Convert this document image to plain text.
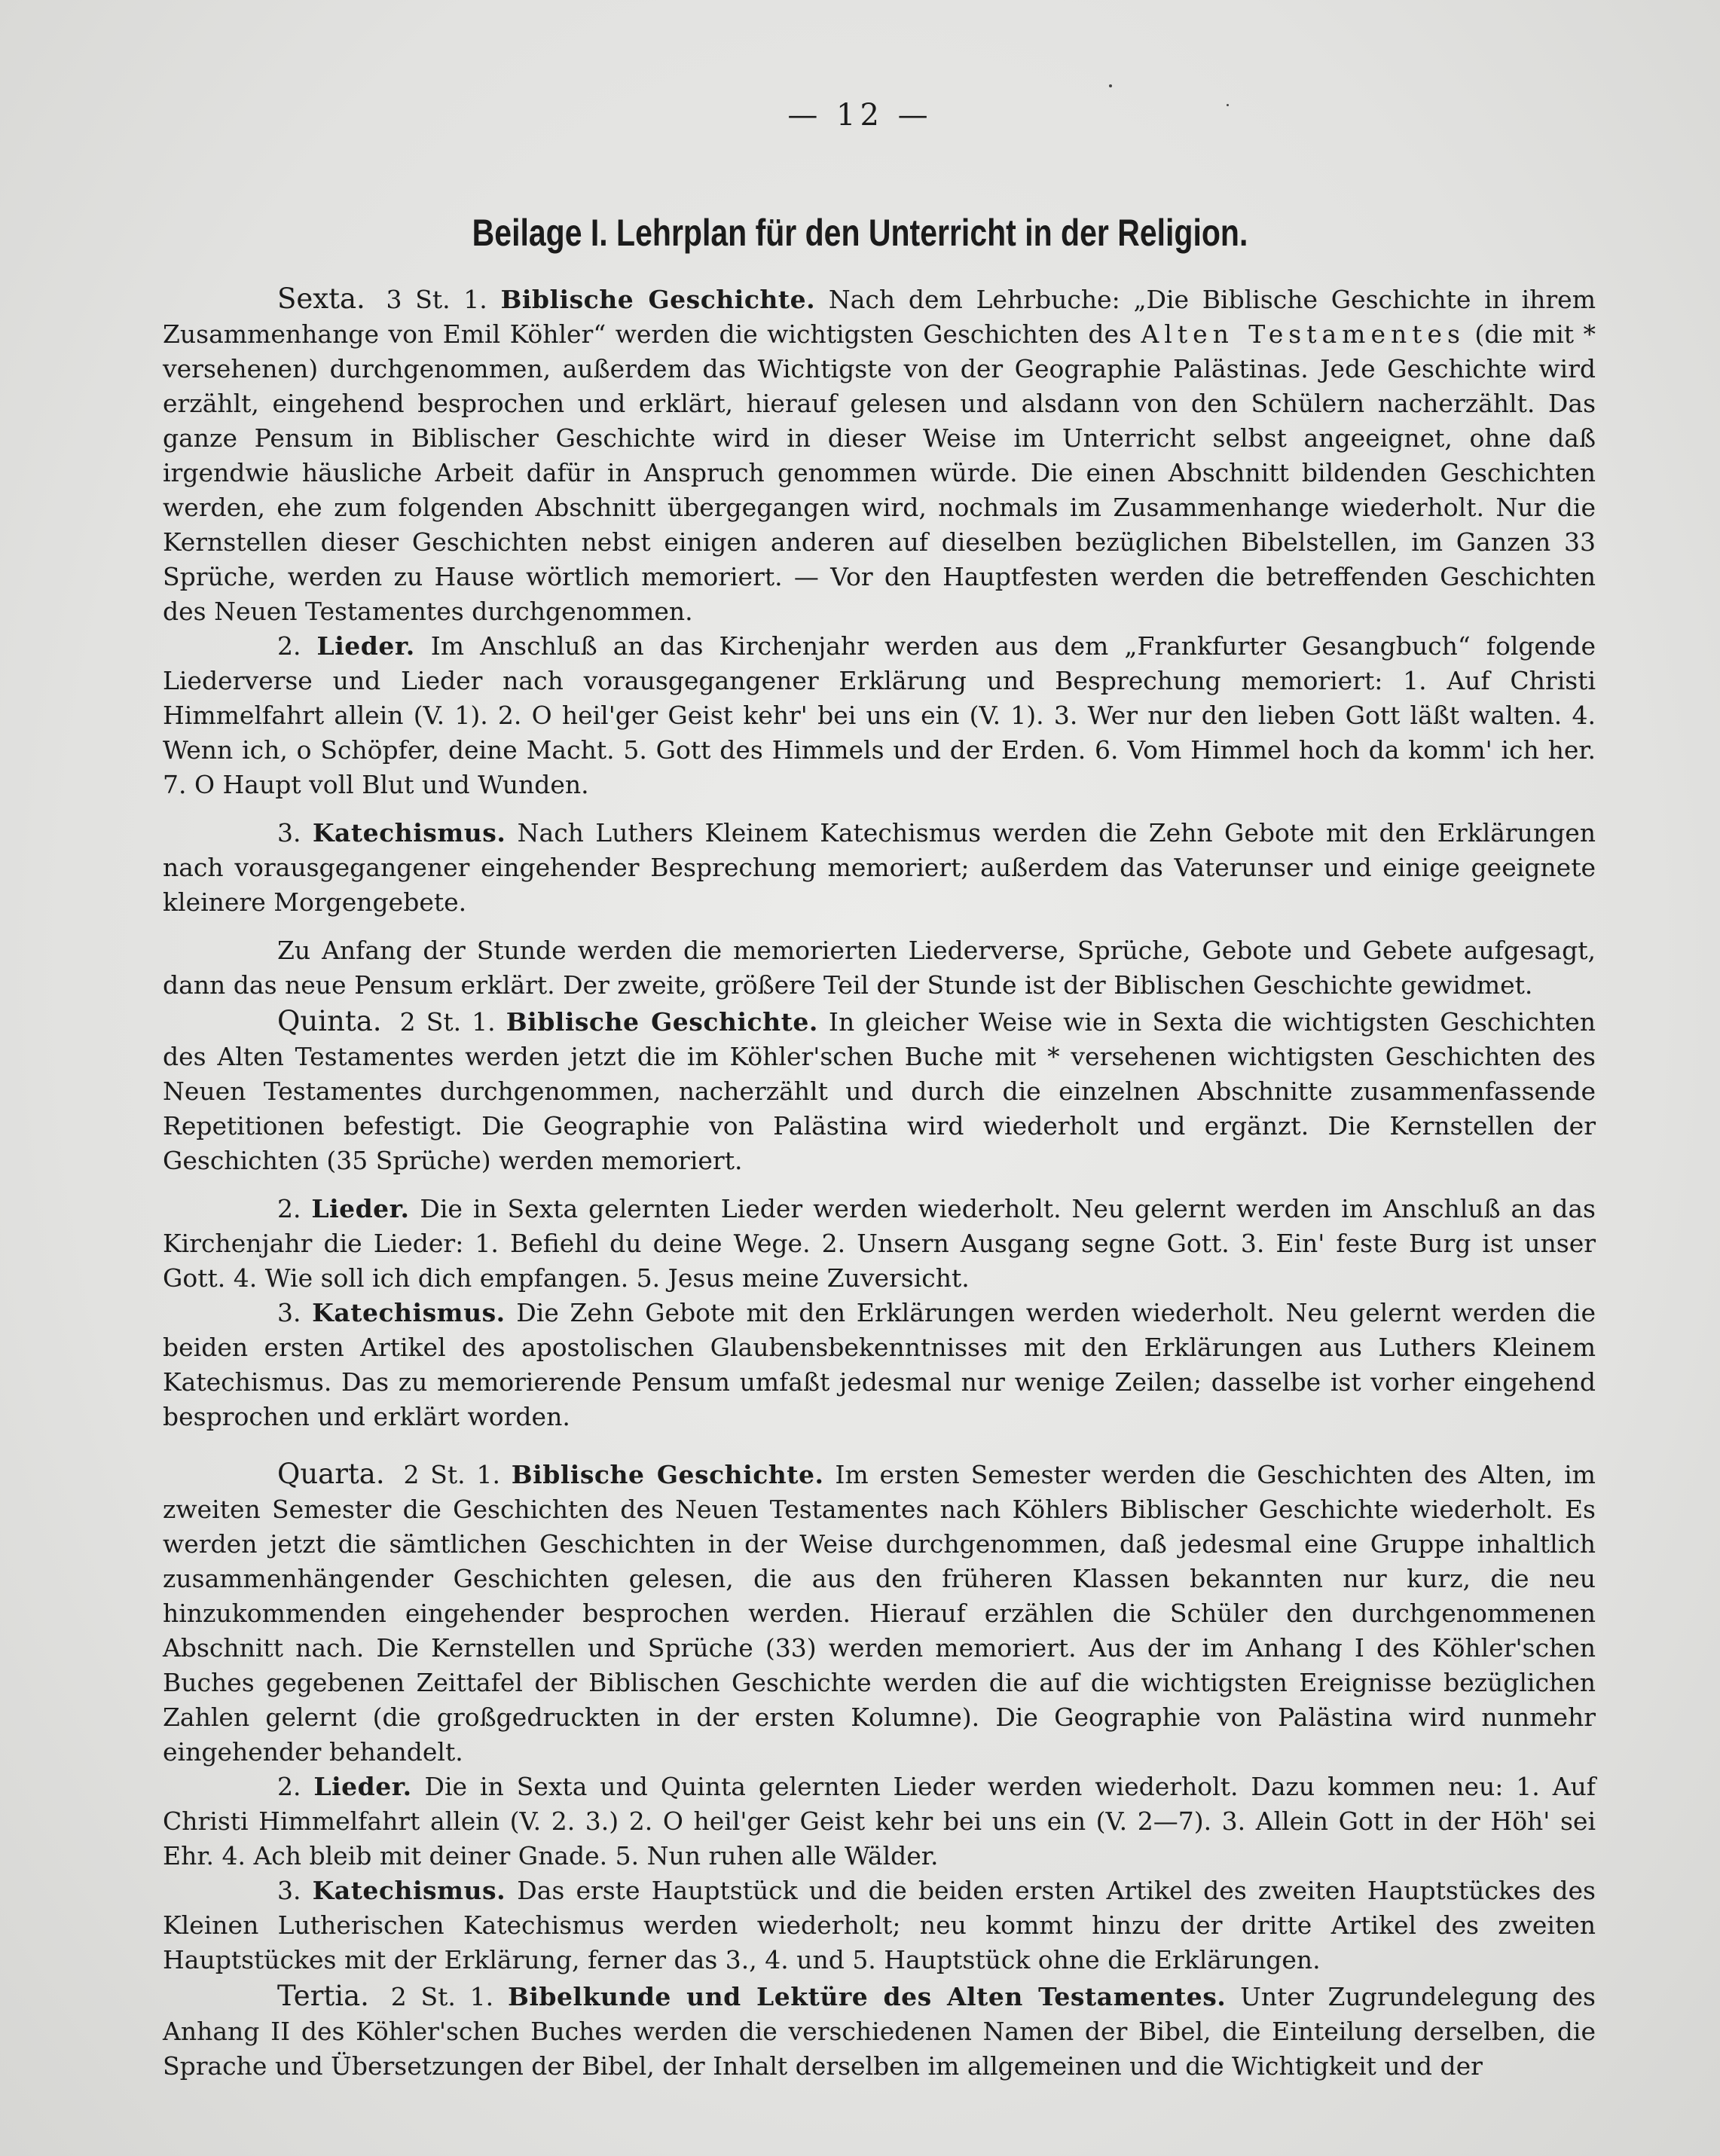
— 12 —
Beilage I. Lehrplan für den Unterricht in der Religion.

Sexta. 3 St. 1. Biblische Geschichte. Nach dem Lehrbuche: „Die Biblische Geschichte in ihrem Zusammenhange von Emil Köhler“ werden die wichtigsten Geschichten des Alten Testamentes (die mit * versehenen) durchgenommen, außerdem das Wichtigste von der Geographie Palästinas. Jede Geschichte wird erzählt, eingehend besprochen und erklärt, hierauf gelesen und alsdann von den Schülern nacherzählt. Das ganze Pensum in Biblischer Geschichte wird in dieser Weise im Unterricht selbst angeeignet, ohne daß irgendwie häusliche Arbeit dafür in Anspruch genommen würde. Die einen Abschnitt bildenden Geschichten werden, ehe zum folgenden Abschnitt übergegangen wird, nochmals im Zusammenhange wiederholt. Nur die Kernstellen dieser Geschichten nebst einigen anderen auf dieselben bezüglichen Bibelstellen, im Ganzen 33 Sprüche, werden zu Hause wörtlich memoriert. — Vor den Hauptfesten werden die betreffenden Geschichten des Neuen Testamentes durchgenommen.

2. Lieder. Im Anschluß an das Kirchenjahr werden aus dem „Frankfurter Gesangbuch“ folgende Liederverse und Lieder nach vorausgegangener Erklärung und Besprechung memoriert: 1. Auf Christi Himmelfahrt allein (V. 1). 2. O heil'ger Geist kehr' bei uns ein (V. 1). 3. Wer nur den lieben Gott läßt walten. 4. Wenn ich, o Schöpfer, deine Macht. 5. Gott des Himmels und der Erden. 6. Vom Himmel hoch da komm' ich her. 7. O Haupt voll Blut und Wunden.

3. Katechismus. Nach Luthers Kleinem Katechismus werden die Zehn Gebote mit den Erklärungen nach vorausgegangener eingehender Besprechung memoriert; außerdem das Vaterunser und einige geeignete kleinere Morgengebete.

Zu Anfang der Stunde werden die memorierten Liederverse, Sprüche, Gebote und Gebete aufgesagt, dann das neue Pensum erklärt. Der zweite, größere Teil der Stunde ist der Biblischen Geschichte gewidmet.

Quinta. 2 St. 1. Biblische Geschichte. In gleicher Weise wie in Sexta die wichtigsten Geschichten des Alten Testamentes werden jetzt die im Köhler'schen Buche mit * versehenen wichtigsten Geschichten des Neuen Testamentes durchgenommen, nacherzählt und durch die einzelnen Abschnitte zusammenfassende Repetitionen befestigt. Die Geographie von Palästina wird wiederholt und ergänzt. Die Kernstellen der Geschichten (35 Sprüche) werden memoriert.

2. Lieder. Die in Sexta gelernten Lieder werden wiederholt. Neu gelernt werden im Anschluß an das Kirchenjahr die Lieder: 1. Befiehl du deine Wege. 2. Unsern Ausgang segne Gott. 3. Ein' feste Burg ist unser Gott. 4. Wie soll ich dich empfangen. 5. Jesus meine Zuversicht.

3. Katechismus. Die Zehn Gebote mit den Erklärungen werden wiederholt. Neu gelernt werden die beiden ersten Artikel des apostolischen Glaubensbekenntnisses mit den Erklärungen aus Luthers Kleinem Katechismus. Das zu memorierende Pensum umfaßt jedesmal nur wenige Zeilen; dasselbe ist vorher eingehend besprochen und erklärt worden.

Quarta. 2 St. 1. Biblische Geschichte. Im ersten Semester werden die Geschichten des Alten, im zweiten Semester die Geschichten des Neuen Testamentes nach Köhlers Biblischer Geschichte wiederholt. Es werden jetzt die sämtlichen Geschichten in der Weise durchgenommen, daß jedesmal eine Gruppe inhaltlich zusammenhängender Geschichten gelesen, die aus den früheren Klassen bekannten nur kurz, die neu hinzukommenden eingehender besprochen werden. Hierauf erzählen die Schüler den durchgenommenen Abschnitt nach. Die Kernstellen und Sprüche (33) werden memoriert. Aus der im Anhang I des Köhler'schen Buches gegebenen Zeittafel der Biblischen Geschichte werden die auf die wichtigsten Ereignisse bezüglichen Zahlen gelernt (die großgedruckten in der ersten Kolumne). Die Geographie von Palästina wird nunmehr eingehender behandelt.

2. Lieder. Die in Sexta und Quinta gelernten Lieder werden wiederholt. Dazu kommen neu: 1. Auf Christi Himmelfahrt allein (V. 2. 3.) 2. O heil'ger Geist kehr bei uns ein (V. 2—7). 3. Allein Gott in der Höh' sei Ehr. 4. Ach bleib mit deiner Gnade. 5. Nun ruhen alle Wälder.

3. Katechismus. Das erste Hauptstück und die beiden ersten Artikel des zweiten Hauptstückes des Kleinen Lutherischen Katechismus werden wiederholt; neu kommt hinzu der dritte Artikel des zweiten Hauptstückes mit der Erklärung, ferner das 3., 4. und 5. Hauptstück ohne die Erklärungen.

Tertia. 2 St. 1. Bibelkunde und Lektüre des Alten Testamentes. Unter Zugrundelegung des Anhang II des Köhler'schen Buches werden die verschiedenen Namen der Bibel, die Einteilung derselben, die Sprache und Übersetzungen der Bibel, der Inhalt derselben im allgemeinen und die Wichtigkeit und der
